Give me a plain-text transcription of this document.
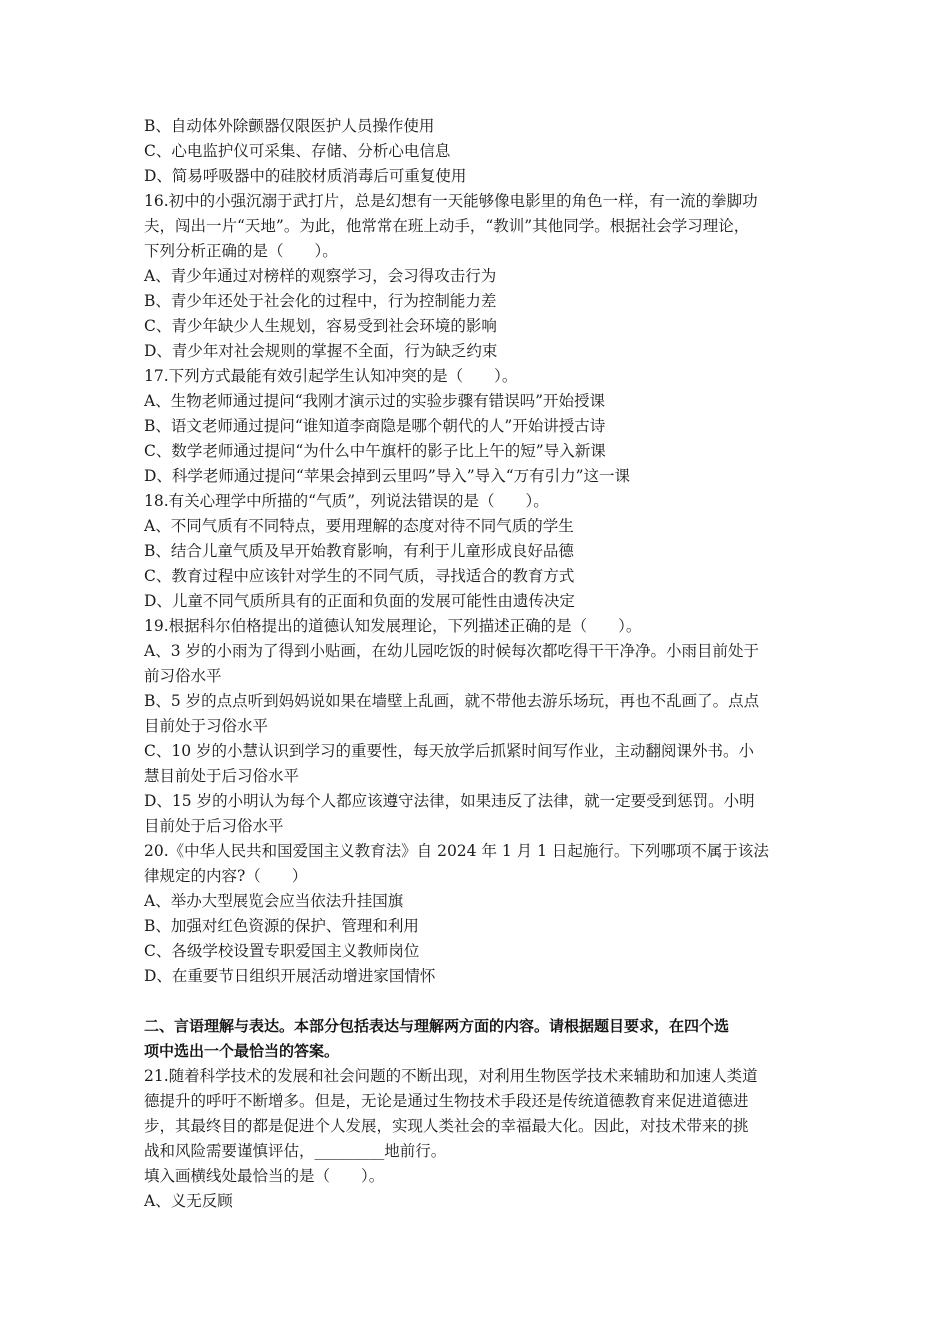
B、自动体外除颤器仅限医护人员操作使用
C、心电监护仪可采集、存储、分析心电信息
D、简易呼吸器中的硅胶材质消毒后可重复使用
16.初中的小强沉溺于武打片，总是幻想有一天能够像电影里的角色一样，有一流的拳脚功
夫，闯出一片“天地”。为此，他常常在班上动手，“教训”其他同学。根据社会学习理论，
下列分析正确的是（　　）。
A、青少年通过对榜样的观察学习，会习得攻击行为
B、青少年还处于社会化的过程中，行为控制能力差
C、青少年缺少人生规划，容易受到社会环境的影响
D、青少年对社会规则的掌握不全面，行为缺乏约束
17.下列方式最能有效引起学生认知冲突的是（　　）。
A、生物老师通过提问“我刚才演示过的实验步骤有错误吗”开始授课
B、语文老师通过提问“谁知道李商隐是哪个朝代的人”开始讲授古诗
C、数学老师通过提问“为什么中午旗杆的影子比上午的短”导入新课
D、科学老师通过提问“苹果会掉到云里吗”导入”导入“万有引力”这一课
18.有关心理学中所描的“气质”，列说法错误的是（　　）。
A、不同气质有不同特点，要用理解的态度对待不同气质的学生
B、结合儿童气质及早开始教育影响，有利于儿童形成良好品德
C、教育过程中应该针对学生的不同气质，寻找适合的教育方式
D、儿童不同气质所具有的正面和负面的发展可能性由遗传决定
19.根据科尔伯格提出的道德认知发展理论，下列描述正确的是（　　）。
A、3 岁的小雨为了得到小贴画，在幼儿园吃饭的时候每次都吃得干干净净。小雨目前处于
前习俗水平
B、5 岁的点点听到妈妈说如果在墙壁上乱画，就不带他去游乐场玩，再也不乱画了。点点
目前处于习俗水平
C、10 岁的小慧认识到学习的重要性，每天放学后抓紧时间写作业，主动翻阅课外书。小
慧目前处于后习俗水平
D、15 岁的小明认为每个人都应该遵守法律，如果违反了法律，就一定要受到惩罚。小明
目前处于后习俗水平
20.《中华人民共和国爱国主义教育法》自 2024 年 1 月 1 日起施行。下列哪项不属于该法
律规定的内容?（　　）
A、举办大型展览会应当依法升挂国旗
B、加强对红色资源的保护、管理和利用
C、各级学校设置专职爱国主义教师岗位
D、在重要节日组织开展活动增进家国情怀
二、言语理解与表达。本部分包括表达与理解两方面的内容。请根据题目要求，在四个选
项中选出一个最恰当的答案。
21.随着科学技术的发展和社会问题的不断出现，对利用生物医学技术来辅助和加速人类道
德提升的呼吁不断增多。但是，无论是通过生物技术手段还是传统道德教育来促进道德进
步，其最终目的都是促进个人发展，实现人类社会的幸福最大化。因此，对技术带来的挑
战和风险需要谨慎评估，_________地前行。
填入画横线处最恰当的是（　　）。
A、义无反顾
